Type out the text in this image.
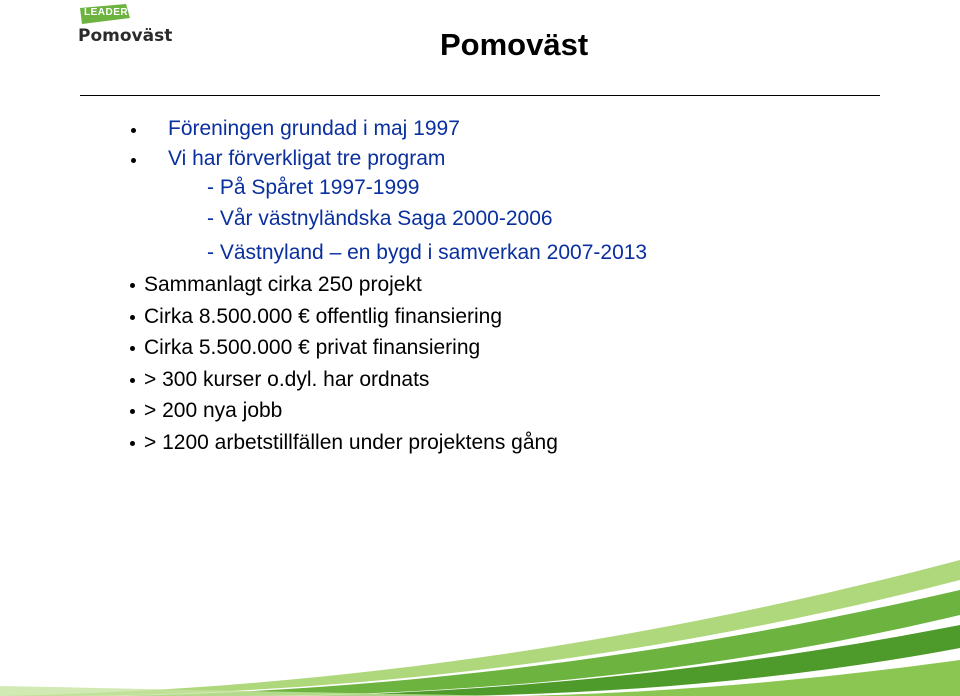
LEADER
Pomoväst	Pomoväst
Föreningen grundad i maj 1997
Vi har förverkligat tre program
- På Spåret 1997-1999
- Vår västnyländska Saga 2000-2006
- Västnyland – en bygd i samverkan 2007-2013
Sammanlagt cirka 250 projekt
Cirka 8.500.000 € offentlig finansiering
Cirka 5.500.000 € privat finansiering
> 300 kurser o.dyl. har ordnats
> 200 nya jobb
> 1200 arbetstillfällen under projektens gång
